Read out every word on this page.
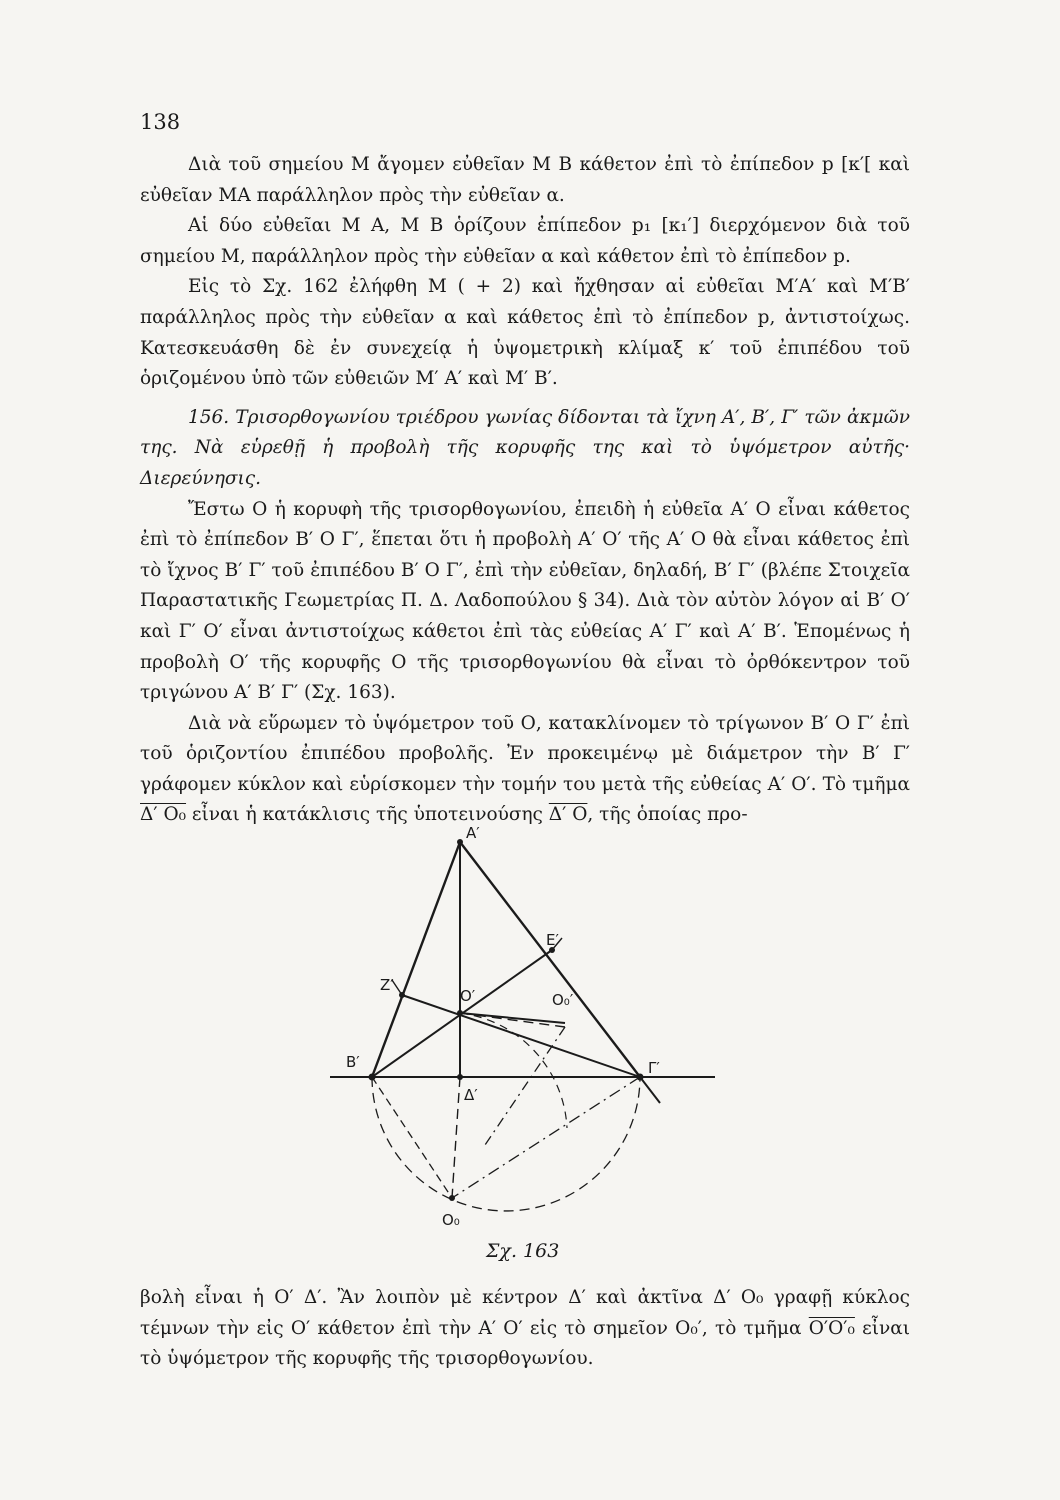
138

Διὰ τοῦ σημείου Μ ἄγομεν εὐθεῖαν Μ Β κάθετον ἐπὶ τὸ ἐπίπεδον p [κ′[ καὶ εὐθεῖαν ΜΑ παράλληλον πρὸς τὴν εὐθεῖαν α.

Αἱ δύο εὐθεῖαι Μ Α, Μ Β ὁρίζουν ἐπίπεδον p₁ [κ₁′] διερχόμενον διὰ τοῦ σημείου Μ, παράλληλον πρὸς τὴν εὐθεῖαν α καὶ κάθετον ἐπὶ τὸ ἐπίπεδον p.

Εἰς τὸ Σχ. 162 ἐλήφθη Μ ( + 2) καὶ ἤχθησαν αἱ εὐθεῖαι Μ′Α′ καὶ Μ′Β′ παράλληλος πρὸς τὴν εὐθεῖαν α καὶ κάθετος ἐπὶ τὸ ἐπίπεδον p, ἀντιστοίχως. Κατεσκευάσθη δὲ ἐν συνεχείᾳ ἡ ὑψομετρικὴ κλίμαξ κ′ τοῦ ἐπιπέδου τοῦ ὁριζομένου ὑπὸ τῶν εὐθειῶν Μ′ Α′ καὶ Μ′ Β′.

156. Τρισορθογωνίου τριέδρου γωνίας δίδονται τὰ ἴχνη Α′, Β′, Γ′ τῶν ἀκμῶν της. Νὰ εὑρεθῇ ἡ προβολὴ τῆς κορυφῆς της καὶ τὸ ὑψόμετρον αὐτῆς· Διερεύνησις.

Ἔστω Ο ἡ κορυφὴ τῆς τρισορθογωνίου, ἐπειδὴ ἡ εὐθεῖα Α′ Ο εἶναι κάθετος ἐπὶ τὸ ἐπίπεδον Β′ Ο Γ′, ἕπεται ὅτι ἡ προβολὴ Α′ Ο′ τῆς Α′ Ο θὰ εἶναι κάθετος ἐπὶ τὸ ἴχνος Β′ Γ′ τοῦ ἐπιπέδου Β′ Ο Γ′, ἐπὶ τὴν εὐθεῖαν, δηλαδή, Β′ Γ′ (βλέπε Στοιχεῖα Παραστατικῆς Γεωμετρίας Π. Δ. Λαδοπούλου § 34). Διὰ τὸν αὐτὸν λόγον αἱ Β′ Ο′ καὶ Γ′ Ο′ εἶναι ἀντιστοίχως κάθετοι ἐπὶ τὰς εὐθείας Α′ Γ′ καὶ Α′ Β′. Ἑπομένως ἡ προβολὴ Ο′ τῆς κορυφῆς Ο τῆς τρισορθογωνίου θὰ εἶναι τὸ ὀρθόκεντρον τοῦ τριγώνου Α′ Β′ Γ′ (Σχ. 163).

Διὰ νὰ εὕρωμεν τὸ ὑψόμετρον τοῦ Ο, κατακλίνομεν τὸ τρίγωνον Β′ Ο Γ′ ἐπὶ τοῦ ὁριζοντίου ἐπιπέδου προβολῆς. Ἐν προκειμένῳ μὲ διάμετρον τὴν Β′ Γ′ γράφομεν κύκλον καὶ εὑρίσκομεν τὴν τομήν του μετὰ τῆς εὐθείας Α′ Ο′. Τὸ τμῆμα Δ′ Ο₀ εἶναι ἡ κατάκλισις τῆς ὑποτεινούσης Δ′ Ο, τῆς ὁποίας προ-

Α′
Ε′
Ζ′
Ο′	Ο₀′
Β′	Γ′
Δ′
Ο₀
Σχ. 163

βολὴ εἶναι ἡ Ο′ Δ′. Ἂν λοιπὸν μὲ κέντρον Δ′ καὶ ἀκτῖνα Δ′ Ο₀ γραφῇ κύκλος τέμνων τὴν εἰς Ο′ κάθετον ἐπὶ τὴν Α′ Ο′ εἰς τὸ σημεῖον Ο₀′, τὸ τμῆμα Ο′Ο′₀ εἶναι τὸ ὑψόμετρον τῆς κορυφῆς τῆς τρισορθογωνίου.
